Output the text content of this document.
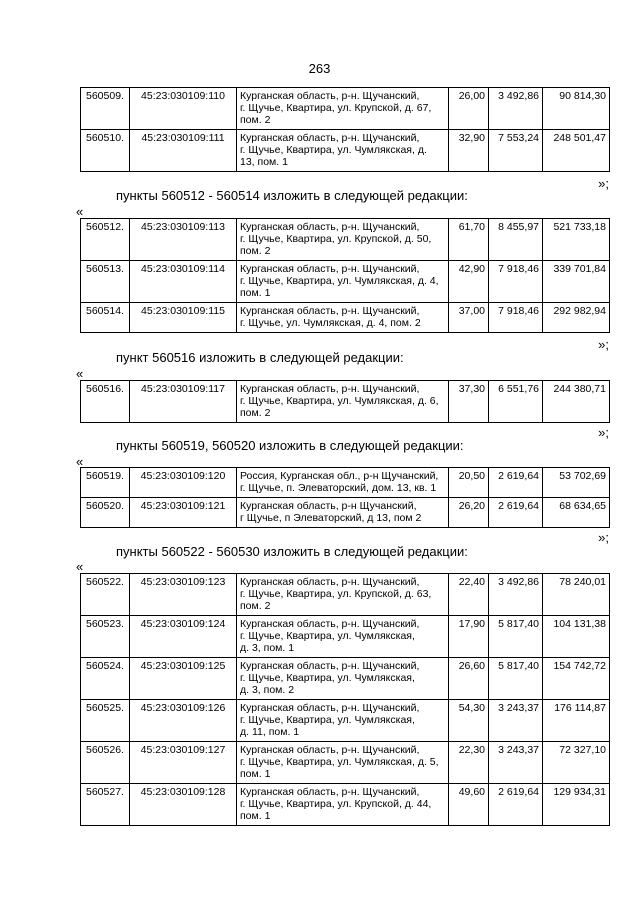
263
560509.	45:23:030109:110	Курганская область, р-н. Щучанский,
г. Щучье, Квартира, ул. Крупской, д. 67,
пом. 2	26,00	3 492,86	90 814,30
560510.	45:23:030109:111	Курганская область, р-н. Щучанский,
г. Щучье, Квартира, ул. Чумлякская, д.
13, пом. 1	32,90	7 553,24	248 501,47
»;
пункты 560512 - 560514 изложить в следующей редакции:
«
560512.	45:23:030109:113	Курганская область, р-н. Щучанский,
г. Щучье, Квартира, ул. Крупской, д. 50,
пом. 2	61,70	8 455,97	521 733,18
560513.	45:23:030109:114	Курганская область, р-н. Щучанский,
г. Щучье, Квартира, ул. Чумлякская, д. 4,
пом. 1	42,90	7 918,46	339 701,84
560514.	45:23:030109:115	Курганская область, р-н. Щучанский,
г. Щучье, ул. Чумлякская, д. 4, пом. 2	37,00	7 918,46	292 982,94
»;
пункт 560516 изложить в следующей редакции:
«
560516.	45:23:030109:117	Курганская область, р-н. Щучанский,
г. Щучье, Квартира, ул. Чумлякская, д. 6,
пом. 2
	37,30	6 551,76	244 380,71
»;
пункты 560519, 560520 изложить в следующей редакции:
«
560519.	45:23:030109:120	Россия, Курганская обл., р-н Щучанский,
г. Щучье, п. Элеваторский, дом. 13, кв. 1	20,50	2 619,64	53 702,69
560520.	45:23:030109:121	Курганская область, р-н Щучанский,
г Щучье, п Элеваторский, д 13, пом 2	26,20	2 619,64	68 634,65
»;
пункты 560522 - 560530 изложить в следующей редакции:
«
560522.	45:23:030109:123	Курганская область, р-н. Щучанский,
г. Щучье, Квартира, ул. Крупской, д. 63,
пом. 2	22,40	3 492,86	78 240,01
560523.	45:23:030109:124	Курганская область, р-н. Щучанский,
г. Щучье, Квартира, ул. Чумлякская,
д. 3, пом. 1	17,90	5 817,40	104 131,38
560524.	45:23:030109:125	Курганская область, р-н. Щучанский,
г. Щучье, Квартира, ул. Чумлякская,
д. 3, пом. 2	26,60	5 817,40	154 742,72
560525.	45:23:030109:126	Курганская область, р-н. Щучанский,
г. Щучье, Квартира, ул. Чумлякская,
д. 11, пом. 1	54,30	3 243,37	176 114,87
560526.	45:23:030109:127	Курганская область, р-н. Щучанский,
г. Щучье, Квартира, ул. Чумлякская, д. 5,
пом. 1	22,30	3 243,37	72 327,10
560527.	45:23:030109:128	Курганская область, р-н. Щучанский,
г. Щучье, Квартира, ул. Крупской, д. 44,
пом. 1	49,60	2 619,64	129 934,31
